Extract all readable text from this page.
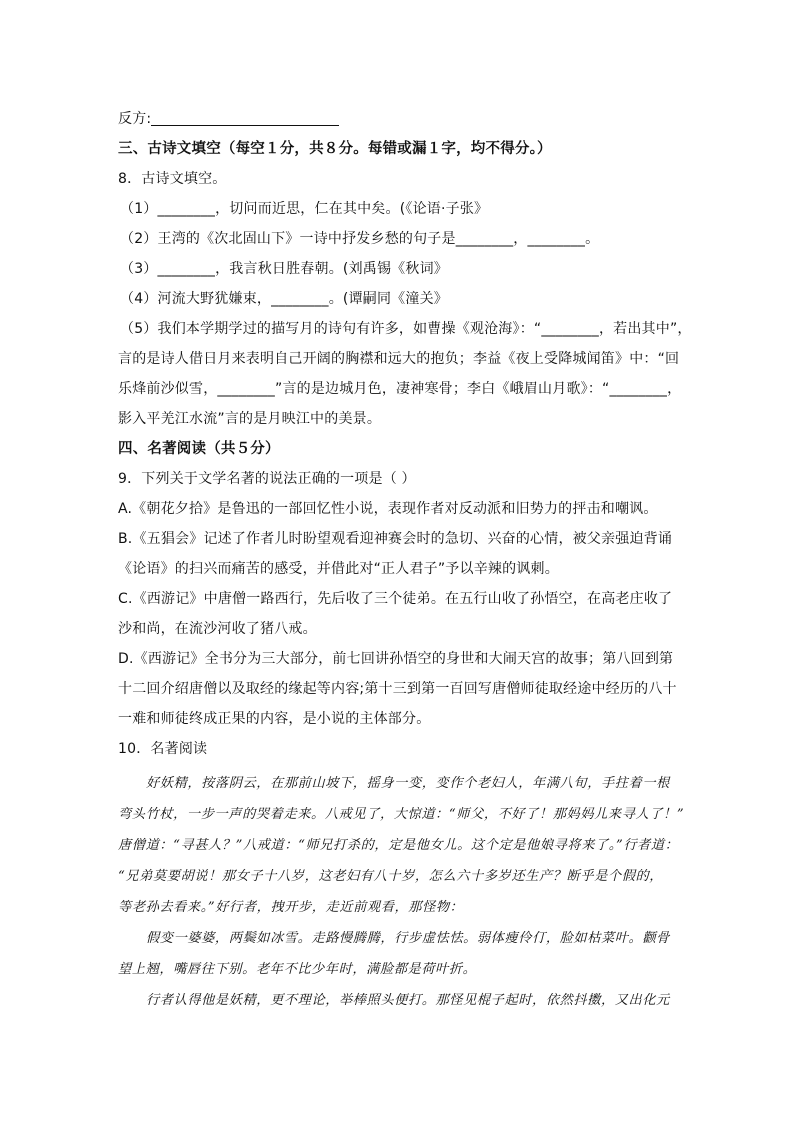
反方:
三、古诗文填空（每空１分，共８分。每错或漏１字，均不得分。）
8．古诗文填空。
（1）________，切问而近思，仁在其中矣。(《论语·子张》
（2）王湾的《次北固山下》一诗中抒发乡愁的句子是________，________。
（3）________，我言秋日胜春朝。(刘禹锡《秋词》
（4）河流大野犹嫌束，________。(谭嗣同《潼关》
（5）我们本学期学过的描写月的诗句有许多，如曹操《观沧海》：“________，若出其中”，
言的是诗人借日月来表明自己开阔的胸襟和远大的抱负；李益《夜上受降城闻笛》中：“回
乐烽前沙似雪，________”言的是边城月色，凄神寒骨；李白《峨眉山月歌》：“________，
影入平羌江水流”言的是月映江中的美景。
四、名著阅读（共５分）
9．下列关于文学名著的说法正确的一项是（ ）
A.《朝花夕拾》是鲁迅的一部回忆性小说，表现作者对反动派和旧势力的抨击和嘲讽。
B.《五猖会》记述了作者儿时盼望观看迎神赛会时的急切、兴奋的心情，被父亲强迫背诵
《论语》的扫兴而痛苦的感受，并借此对“正人君子”予以辛辣的讽刺。
C.《西游记》中唐僧一路西行，先后收了三个徒弟。在五行山收了孙悟空，在高老庄收了
沙和尚，在流沙河收了猪八戒。
D.《西游记》全书分为三大部分，前七回讲孙悟空的身世和大闹天宫的故事；第八回到第
十二回介绍唐僧以及取经的缘起等内容;第十三到第一百回写唐僧师徒取经途中经历的八十
一难和师徒终成正果的内容，是小说的主体部分。
10．名著阅读
好妖精，按落阴云，在那前山坡下，摇身一变，变作个老妇人，年满八旬，手拄着一根
弯头竹杖，一步一声的哭着走来。八戒见了，大惊道：“师父，不好了！那妈妈儿来寻人了！”
唐僧道：“寻甚人？”八戒道：“师兄打杀的，定是他女儿。这个定是他娘寻将来了。”行者道：
“兄弟莫要胡说！那女子十八岁，这老妇有八十岁，怎么六十多岁还生产？断乎是个假的，
等老孙去看来。”好行者，拽开步，走近前观看，那怪物：
假变一婆婆，两鬓如冰雪。走路慢腾腾，行步虚怯怯。弱体瘦伶仃，脸如枯菜叶。颧骨
望上翘，嘴唇往下别。老年不比少年时，满脸都是荷叶折。
行者认得他是妖精，更不理论，举棒照头便打。那怪见棍子起时，依然抖擞，又出化元
